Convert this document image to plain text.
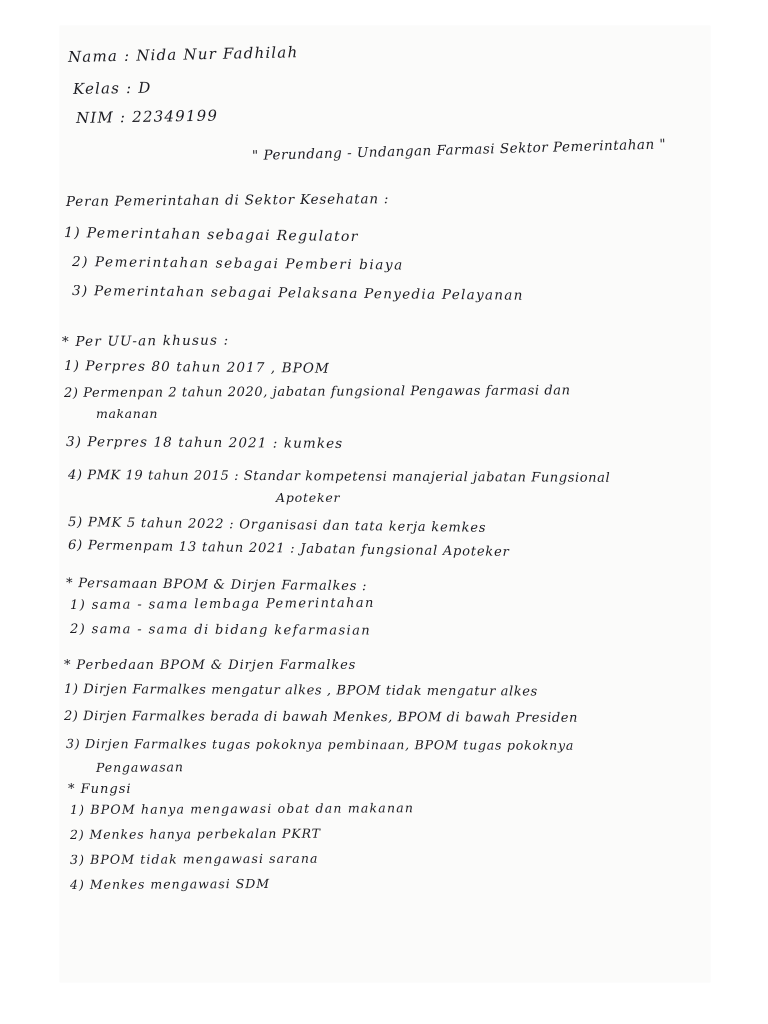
Nama : Nida Nur Fadhilah
Kelas : D
NIM : 22349199
" Perundang - Undangan Farmasi Sektor Pemerintahan "
Peran Pemerintahan di Sektor Kesehatan :
1) Pemerintahan sebagai Regulator
2) Pemerintahan sebagai Pemberi biaya
3) Pemerintahan sebagai Pelaksana Penyedia Pelayanan
* Per UU-an khusus :
1) Perpres 80 tahun 2017 , BPOM
2) Permenpan 2 tahun 2020, jabatan fungsional Pengawas farmasi dan
makanan
3) Perpres 18 tahun 2021 : kumkes
4) PMK 19 tahun 2015 : Standar kompetensi manajerial jabatan Fungsional
Apoteker
5) PMK 5 tahun 2022 : Organisasi dan tata kerja kemkes
6) Permenpam 13 tahun 2021 : Jabatan fungsional Apoteker
* Persamaan BPOM & Dirjen Farmalkes :
1) sama - sama lembaga Pemerintahan
2) sama - sama di bidang kefarmasian
* Perbedaan BPOM & Dirjen Farmalkes
1) Dirjen Farmalkes mengatur alkes , BPOM tidak mengatur alkes
2) Dirjen Farmalkes berada di bawah Menkes, BPOM di bawah Presiden
3) Dirjen Farmalkes tugas pokoknya pembinaan, BPOM tugas pokoknya
Pengawasan
* Fungsi
1) BPOM hanya mengawasi obat dan makanan
2) Menkes hanya perbekalan PKRT
3) BPOM tidak mengawasi sarana
4) Menkes mengawasi SDM
